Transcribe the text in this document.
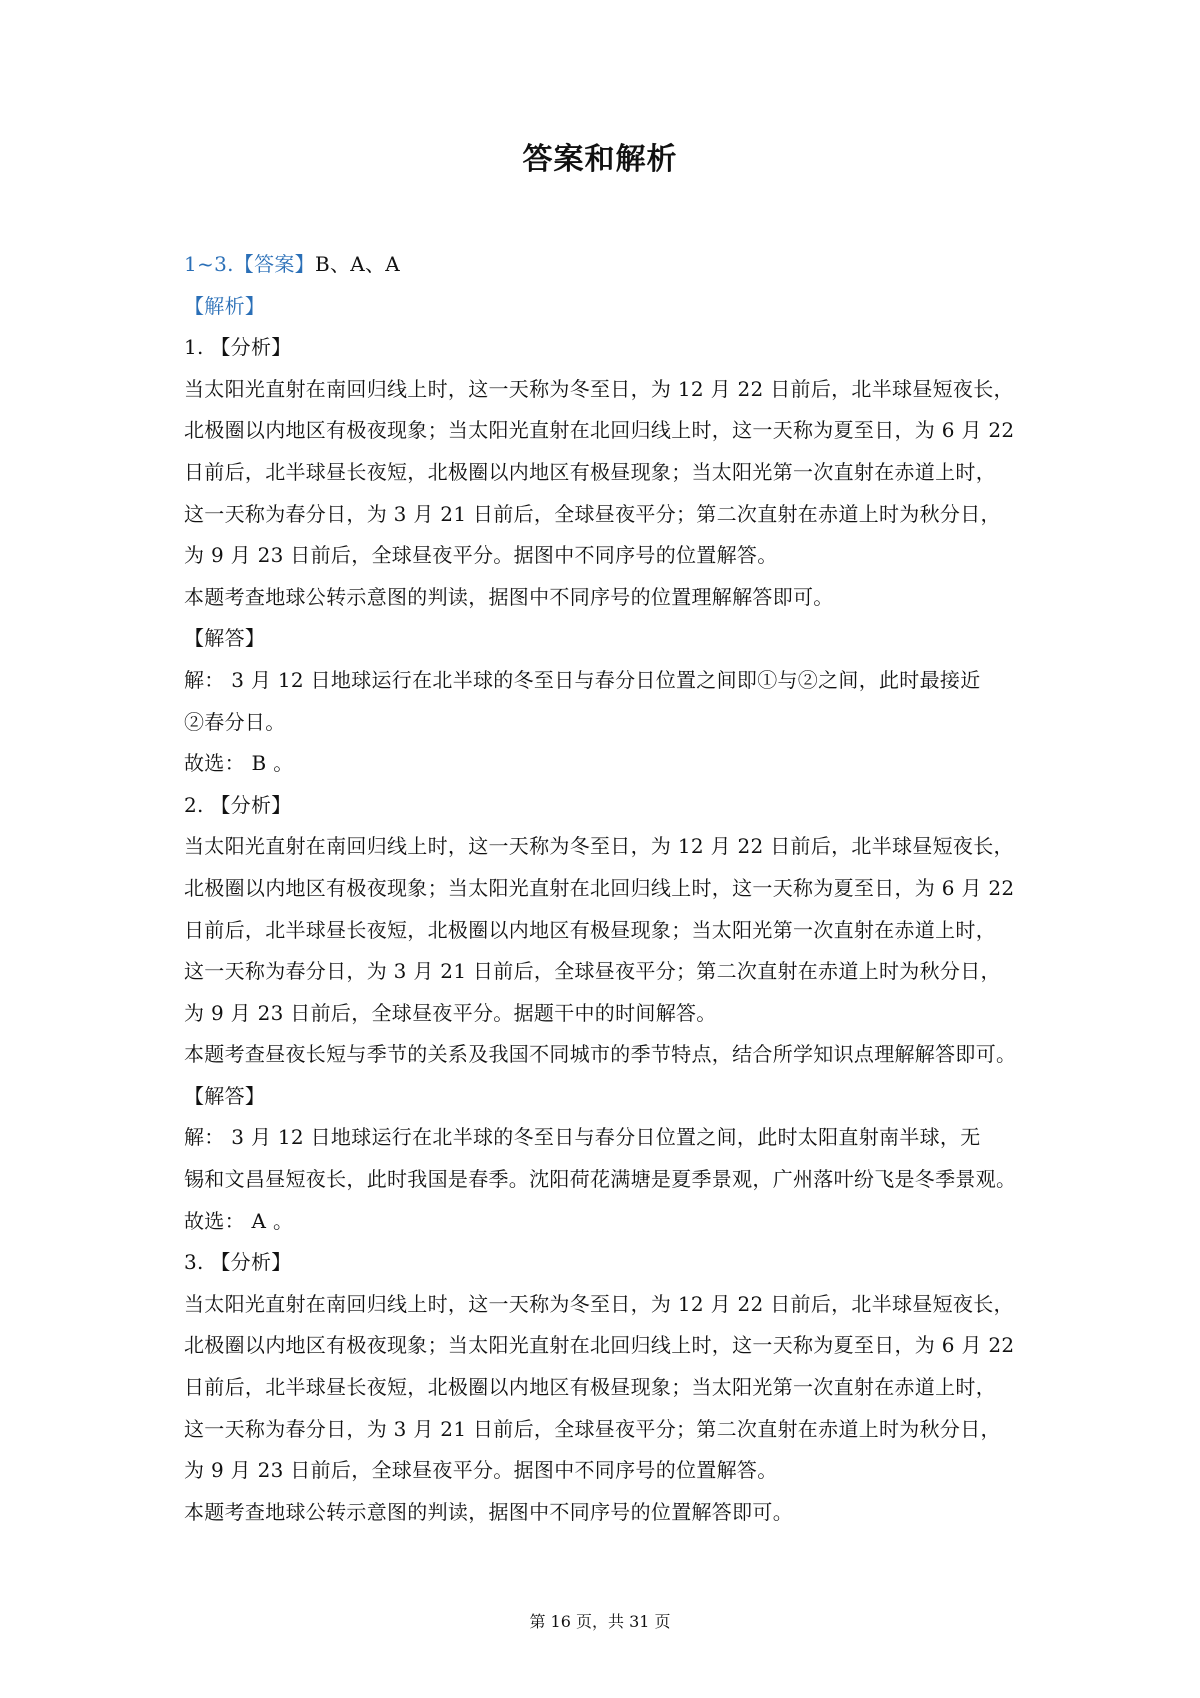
答案和解析
1~3.【答案】B、A、A
【解析】
1. 【分析】
当太阳光直射在南回归线上时，这一天称为冬至日，为 12 月 22 日前后，北半球昼短夜长，
北极圈以内地区有极夜现象；当太阳光直射在北回归线上时，这一天称为夏至日，为 6 月 22
日前后，北半球昼长夜短，北极圈以内地区有极昼现象；当太阳光第一次直射在赤道上时，
这一天称为春分日，为 3 月 21 日前后，全球昼夜平分；第二次直射在赤道上时为秋分日，
为 9 月 23 日前后，全球昼夜平分。据图中不同序号的位置解答。
本题考查地球公转示意图的判读，据图中不同序号的位置理解解答即可。
【解答】
解： 3 月 12 日地球运行在北半球的冬至日与春分日位置之间即①与②之间，此时最接近
②春分日。
故选： B 。
2. 【分析】
当太阳光直射在南回归线上时，这一天称为冬至日，为 12 月 22 日前后，北半球昼短夜长，
北极圈以内地区有极夜现象；当太阳光直射在北回归线上时，这一天称为夏至日，为 6 月 22
日前后，北半球昼长夜短，北极圈以内地区有极昼现象；当太阳光第一次直射在赤道上时，
这一天称为春分日，为 3 月 21 日前后，全球昼夜平分；第二次直射在赤道上时为秋分日，
为 9 月 23 日前后，全球昼夜平分。据题干中的时间解答。
本题考查昼夜长短与季节的关系及我国不同城市的季节特点，结合所学知识点理解解答即可。
【解答】
解： 3 月 12 日地球运行在北半球的冬至日与春分日位置之间，此时太阳直射南半球，无
锡和文昌昼短夜长，此时我国是春季。沈阳荷花满塘是夏季景观，广州落叶纷飞是冬季景观。
故选： A 。
3. 【分析】
当太阳光直射在南回归线上时，这一天称为冬至日，为 12 月 22 日前后，北半球昼短夜长，
北极圈以内地区有极夜现象；当太阳光直射在北回归线上时，这一天称为夏至日，为 6 月 22
日前后，北半球昼长夜短，北极圈以内地区有极昼现象；当太阳光第一次直射在赤道上时，
这一天称为春分日，为 3 月 21 日前后，全球昼夜平分；第二次直射在赤道上时为秋分日，
为 9 月 23 日前后，全球昼夜平分。据图中不同序号的位置解答。
本题考查地球公转示意图的判读，据图中不同序号的位置解答即可。
第 16 页，共 31 页
